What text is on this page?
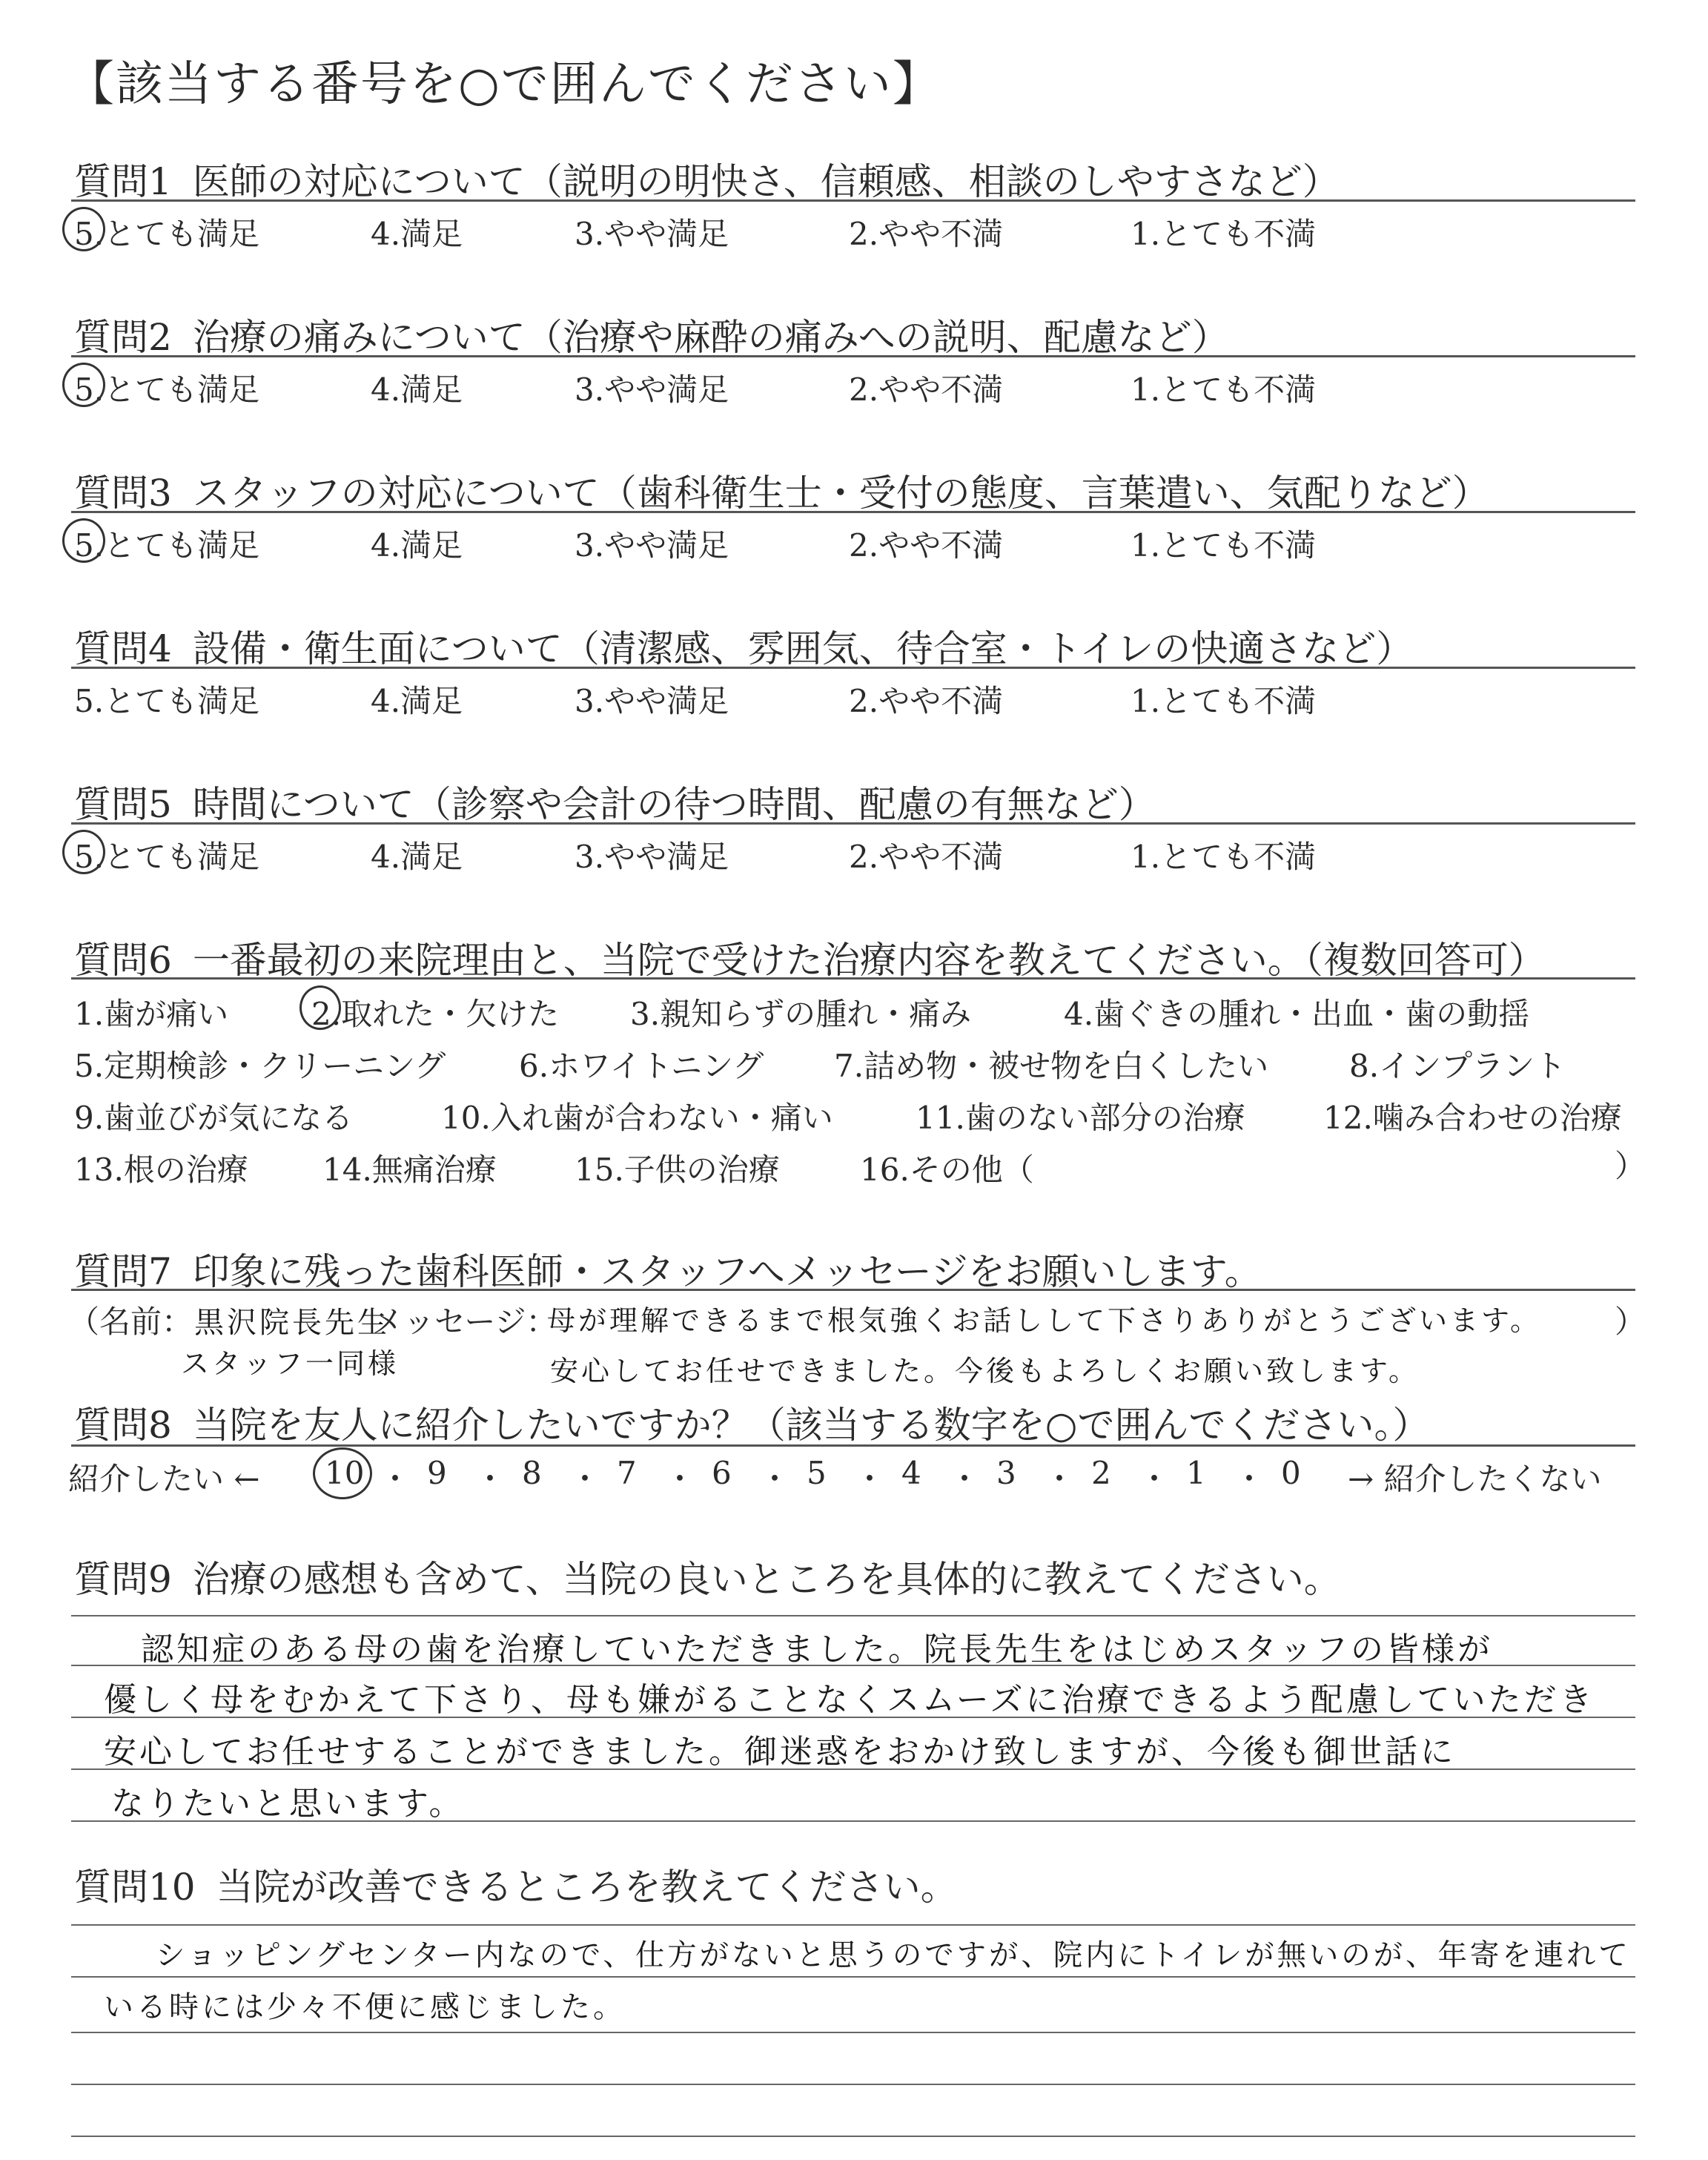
【該当する番号を○で囲んでください】
質問1 医師の対応について（説明の明快さ、信頼感、相談のしやすさなど）
5.とても満足	4.満足	3.やや満足	2.やや不満	1.とても不満
質問2 治療の痛みについて（治療や麻酔の痛みへの説明、配慮など）
5.とても満足	4.満足	3.やや満足	2.やや不満	1.とても不満
質問3 スタッフの対応について（歯科衛生士・受付の態度、言葉遣い、気配りなど）
5.とても満足	4.満足	3.やや満足	2.やや不満	1.とても不満
質問4 設備・衛生面について（清潔感、雰囲気、待合室・トイレの快適さなど）
5.とても満足	4.満足	3.やや満足	2.やや不満	1.とても不満
質問5 時間について（診察や会計の待つ時間、配慮の有無など）
5.とても満足	4.満足	3.やや満足	2.やや不満	1.とても不満
質問6 一番最初の来院理由と、当院で受けた治療内容を教えてください。（複数回答可）
1.歯が痛い	2.取れた・欠けた 3.親知らずの腫れ・痛み	4.歯ぐきの腫れ・出血・歯の動揺
5.定期検診・クリーニング 6.ホワイトニング 7.詰め物・被せ物を白くしたい	8.インプラント
9.歯並びが気になる	10.入れ歯が合わない・痛い	11.歯のない部分の治療	12.噛み合わせの治療
13.根の治療 14.無痛治療	15.子供の治療	16.その他（	）
質問7 印象に残った歯科医師・スタッフへメッセージをお願いします。
（名前： 黒沢院長先生
スタッフ一同様
メッセージ：
母が理解できるまで根気強くお話しして下さりありがとうございます。
安心してお任せできました。今後もよろしくお願い致します。
）
質問8 当院を友人に紹介したいですか？（該当する数字を○で囲んでください。）
紹介したい ← 10 ・ 9 ・ 8 ・ 7 ・ 6 ・ 5 ・ 4 ・ 3 ・ 2 ・ 1 ・ 0 → 紹介したくない
質問9 治療の感想も含めて、当院の良いところを具体的に教えてください。
認知症のある母の歯を治療していただきました。院長先生をはじめスタッフの皆様が
優しく母をむかえて下さり、母も嫌がることなくスムーズに治療できるよう配慮していただき
安心してお任せすることができました。御迷惑をおかけ致しますが、今後も御世話に
なりたいと思います。
質問10 当院が改善できるところを教えてください。
ショッピングセンター内なので、仕方がないと思うのですが、院内にトイレが無いのが、年寄を連れて
いる時には少々不便に感じました。
